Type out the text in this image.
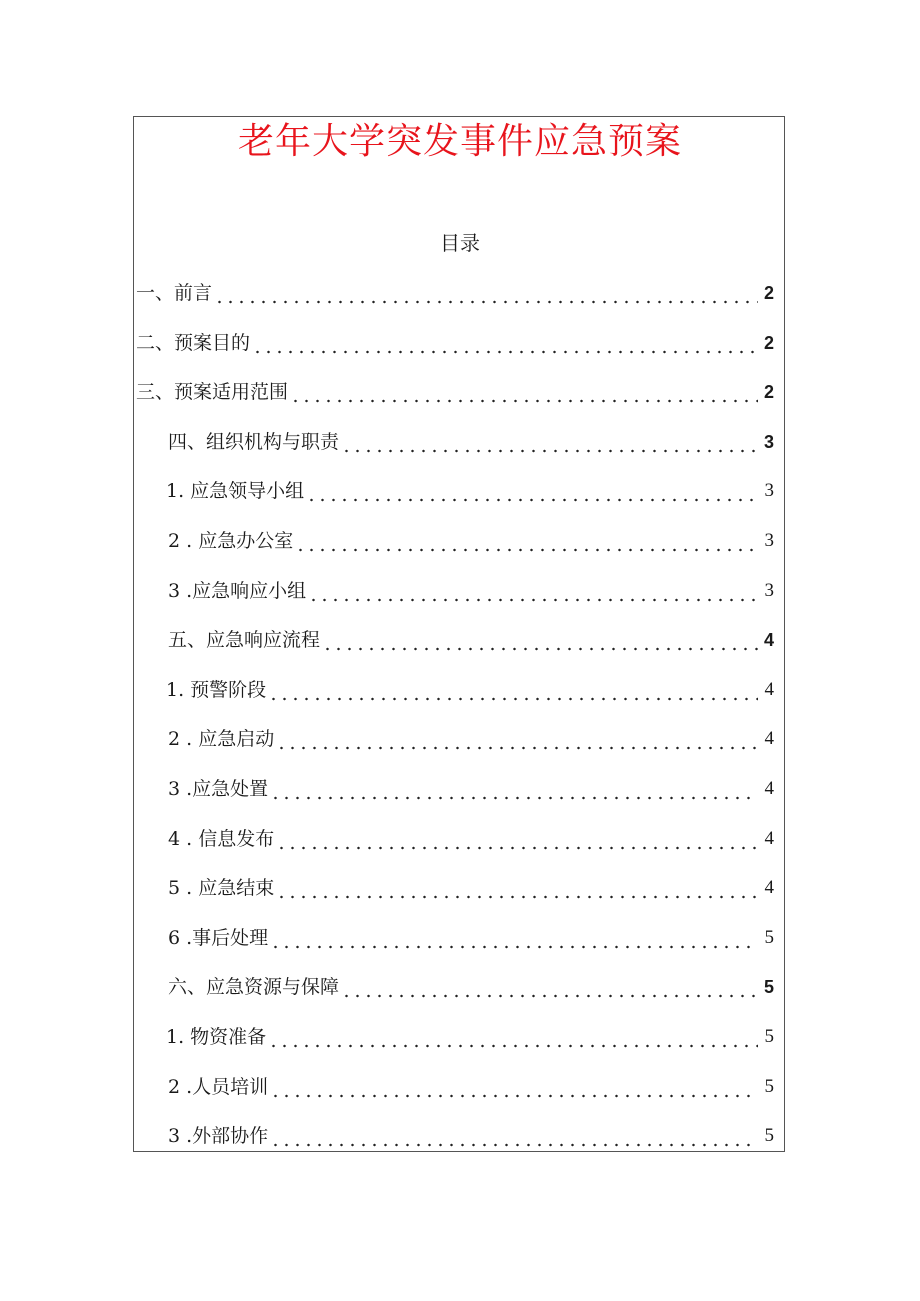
老年大学突发事件应急预案
目录
一、前言	2
二、预案目的	2
三、预案适用范围	2
四、组织机构与职责	3
1. 应急领导小组	3
2 . 应急办公室	3
3 .应急响应小组	3
五、应急响应流程	4
1. 预警阶段	4
2 . 应急启动	4
3 .应急处置	4
4 . 信息发布	4
5 . 应急结束	4
6 .事后处理	5
六、应急资源与保障	5
1. 物资准备	5
2 .人员培训	5
3 .外部协作	5
